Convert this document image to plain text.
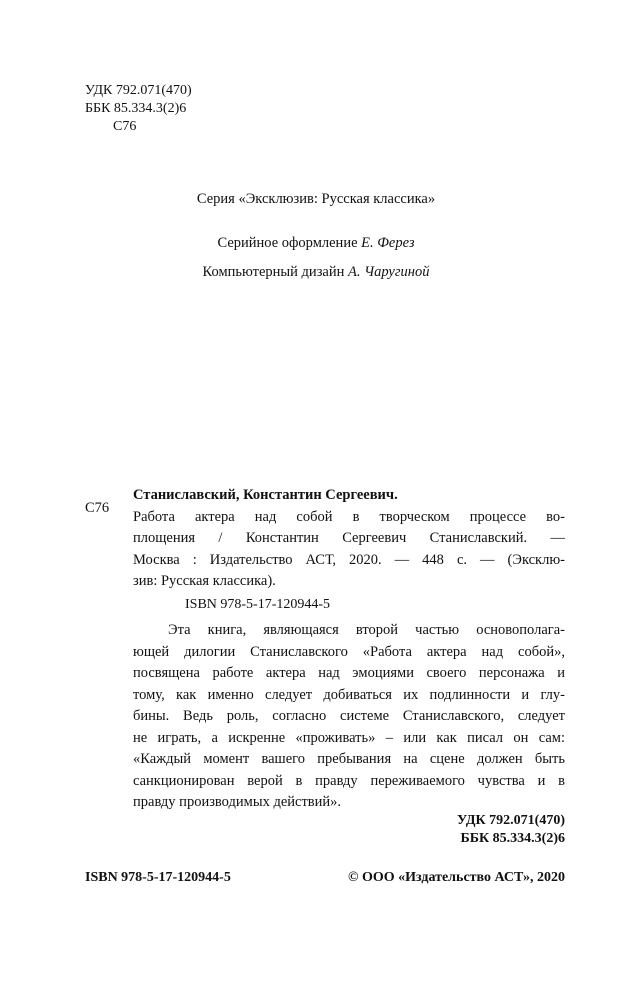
УДК 792.071(470)
ББК 85.334.3(2)6
С76
Серия «Эксклюзив: Русская классика»
Серийное оформление Е. Ферез
Компьютерный дизайн А. Чаругиной
С76
Станиславский, Константин Сергеевич.
Работа актера над собой в творческом процессе во-
площения / Константин Сергеевич Станиславский. —
Москва : Издательство АСТ, 2020. — 448 с. — (Эксклю-
зив: Русская классика).
ISBN 978-5-17-120944-5
Эта книга, являющаяся второй частью основополага-
ющей дилогии Станиславского «Работа актера над собой»,
посвящена работе актера над эмоциями своего персонажа и
тому, как именно следует добиваться их подлинности и глу-
бины. Ведь роль, согласно системе Станиславского, следует
не играть, а искренне «проживать» – или как писал он сам:
«Каждый момент вашего пребывания на сцене должен быть
санкционирован верой в правду переживаемого чувства и в
правду производимых действий».
УДК 792.071(470)
ББК 85.334.3(2)6
ISBN 978-5-17-120944-5	© ООО «Издательство АСТ», 2020
